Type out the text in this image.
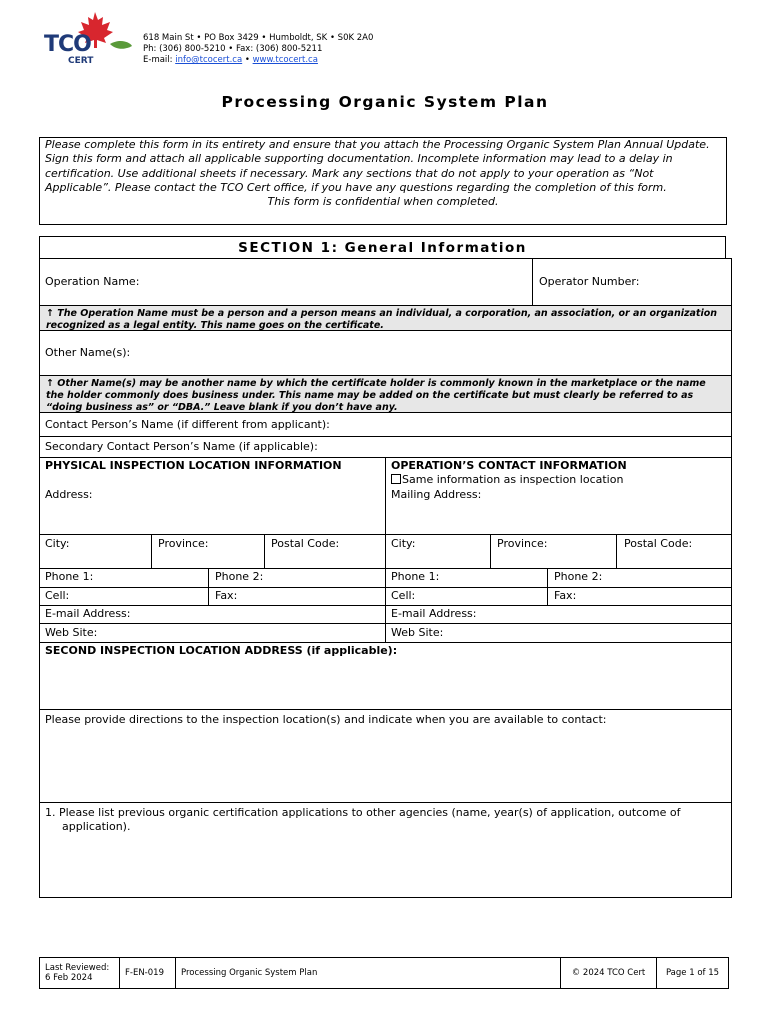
TCO
CERT
618 Main St • PO Box 3429 • Humboldt, SK • S0K 2A0
Ph: (306) 800-5210 • Fax: (306) 800-5211
E-mail: info@tcocert.ca • www.tcocert.ca
Processing Organic System Plan
Please complete this form in its entirety and ensure that you attach the Processing Organic System Plan Annual Update.
Sign this form and attach all applicable supporting documentation. Incomplete information may lead to a delay in certification. Use additional sheets if necessary. Mark any sections that do not apply to your operation as “Not Applicable”. Please contact the TCO Cert office, if you have any questions regarding the completion of this form.
This form is confidential when completed.
SECTION 1: General Information
Operation Name:	Operator Number:
↑ The Operation Name must be a person and a person means an individual, a corporation, an association, or an organization recognized as a legal entity. This name goes on the certificate.
Other Name(s):
↑ Other Name(s) may be another name by which the certificate holder is commonly known in the marketplace or the name the holder commonly does business under. This name may be added on the certificate but must clearly be referred to as “doing business as” or “DBA.” Leave blank if you don’t have any.
Contact Person’s Name (if different from applicant):
Secondary Contact Person’s Name (if applicable):
PHYSICAL INSPECTION LOCATION INFORMATION
Address:
OPERATION’S CONTACT INFORMATION
Same information as inspection location
Mailing Address:
City:	Province:	Postal Code:	City:	Province:	Postal Code:
Phone 1:	Phone 2:	Phone 1:	Phone 2:
Cell:	Fax:	Cell:	Fax:
E-mail Address:	E-mail Address:
Web Site:	Web Site:
SECOND INSPECTION LOCATION ADDRESS (if applicable):
Please provide directions to the inspection location(s) and indicate when you are available to contact:
1. Please list previous organic certification applications to other agencies (name, year(s) of application, outcome of application).
Last Reviewed:
6 Feb 2024	F-EN-019	Processing Organic System Plan	© 2024 TCO Cert	Page 1 of 15
